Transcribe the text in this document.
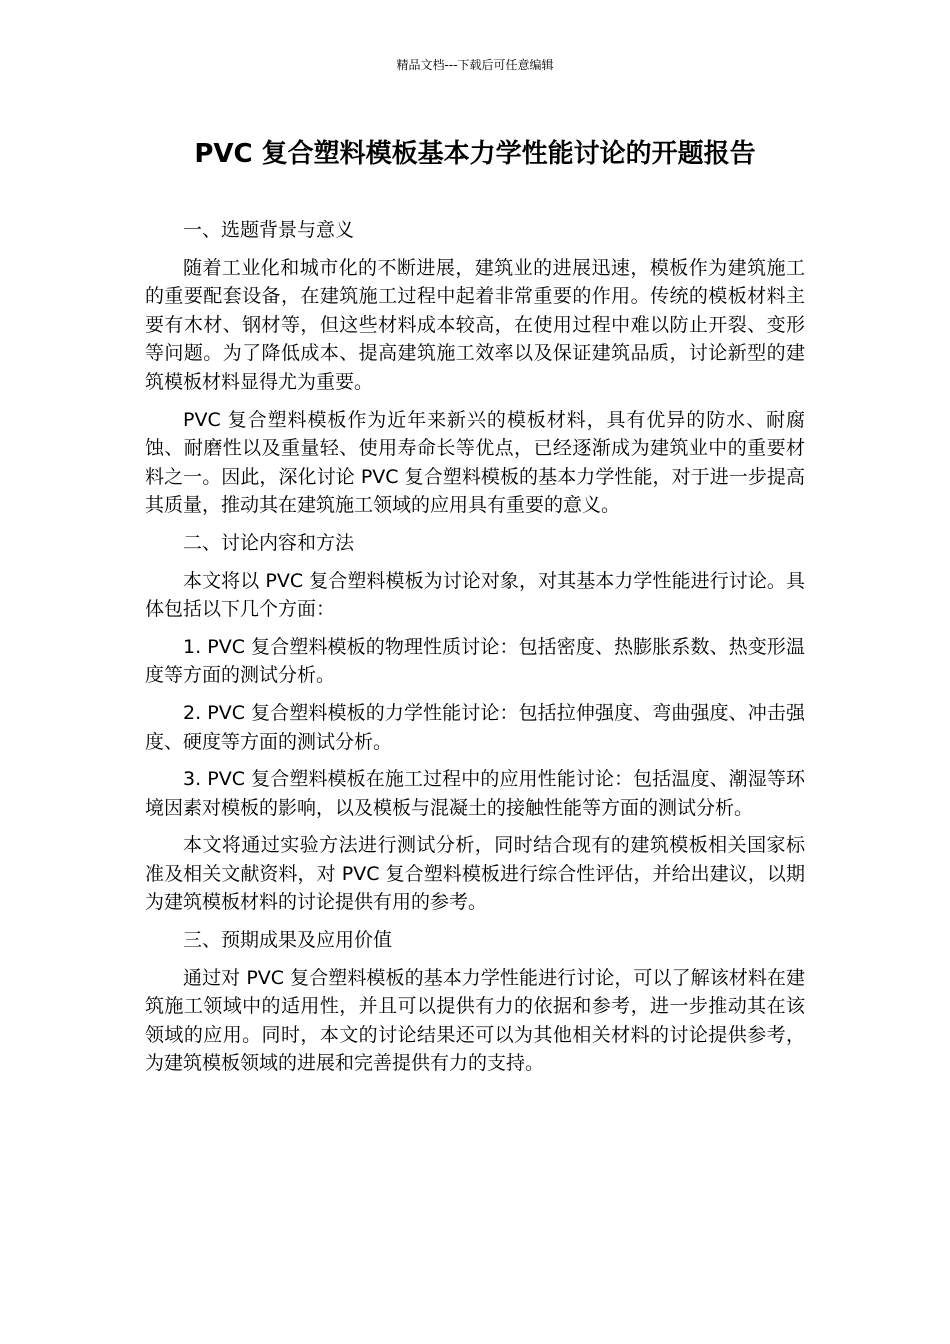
精品文档---下载后可任意编辑
PVC 复合塑料模板基本力学性能讨论的开题报告

一、选题背景与意义

随着工业化和城市化的不断进展，建筑业的进展迅速，模板作为建筑施工的重要配套设备，在建筑施工过程中起着非常重要的作用。传统的模板材料主要有木材、钢材等，但这些材料成本较高，在使用过程中难以防止开裂、变形等问题。为了降低成本、提高建筑施工效率以及保证建筑品质，讨论新型的建筑模板材料显得尤为重要。

PVC 复合塑料模板作为近年来新兴的模板材料，具有优异的防水、耐腐蚀、耐磨性以及重量轻、使用寿命长等优点，已经逐渐成为建筑业中的重要材料之一。因此，深化讨论 PVC 复合塑料模板的基本力学性能，对于进一步提高其质量，推动其在建筑施工领域的应用具有重要的意义。

二、讨论内容和方法

本文将以 PVC 复合塑料模板为讨论对象，对其基本力学性能进行讨论。具体包括以下几个方面：

1. PVC 复合塑料模板的物理性质讨论：包括密度、热膨胀系数、热变形温度等方面的测试分析。

2. PVC 复合塑料模板的力学性能讨论：包括拉伸强度、弯曲强度、冲击强度、硬度等方面的测试分析。

3. PVC 复合塑料模板在施工过程中的应用性能讨论：包括温度、潮湿等环境因素对模板的影响，以及模板与混凝土的接触性能等方面的测试分析。

本文将通过实验方法进行测试分析，同时结合现有的建筑模板相关国家标准及相关文献资料，对 PVC 复合塑料模板进行综合性评估，并给出建议，以期为建筑模板材料的讨论提供有用的参考。

三、预期成果及应用价值

通过对 PVC 复合塑料模板的基本力学性能进行讨论，可以了解该材料在建筑施工领域中的适用性，并且可以提供有力的依据和参考，进一步推动其在该领域的应用。同时，本文的讨论结果还可以为其他相关材料的讨论提供参考，为建筑模板领域的进展和完善提供有力的支持。
